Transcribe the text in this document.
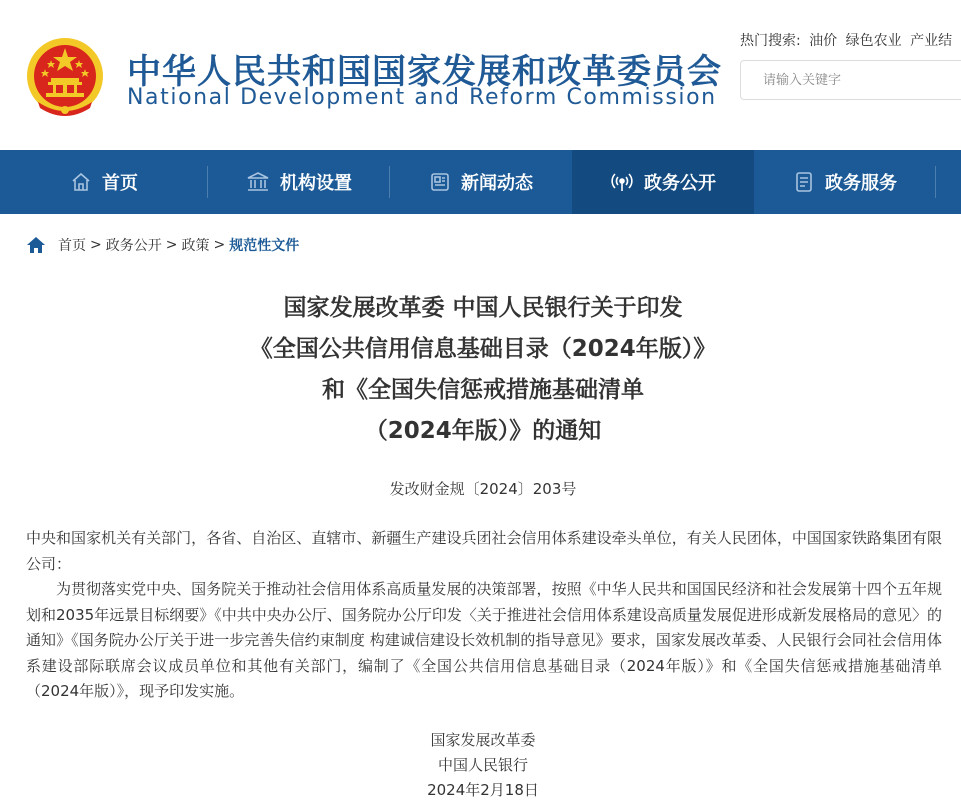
中华人民共和国国家发展和改革委员会
National Development and Reform Commission
热门搜索: 油价 绿色农业 产业结
请输入关键字
首页	机构设置	新闻动态	政务公开	政务服务
首页 > 政务公开 > 政策 > 规范性文件
国家发展改革委 中国人民银行关于印发
《全国公共信用信息基础目录（2024年版）》
和《全国失信惩戒措施基础清单
（2024年版）》的通知
发改财金规〔2024〕203号

中央和国家机关有关部门，各省、自治区、直辖市、新疆生产建设兵团社会信用体系建设牵头单位，有关人民团体，中国国家铁路集团有限公司：

为贯彻落实党中央、国务院关于推动社会信用体系高质量发展的决策部署，按照《中华人民共和国国民经济和社会发展第十四个五年规划和2035年远景目标纲要》《中共中央办公厅、国务院办公厅印发〈关于推进社会信用体系建设高质量发展促进形成新发展格局的意见〉的通知》《国务院办公厅关于进一步完善失信约束制度 构建诚信建设长效机制的指导意见》要求，国家发展改革委、人民银行会同社会信用体系建设部际联席会议成员单位和其他有关部门，编制了《全国公共信用信息基础目录（2024年版）》和《全国失信惩戒措施基础清单（2024年版）》，现予印发实施。

国家发展改革委
中国人民银行
2024年2月18日
